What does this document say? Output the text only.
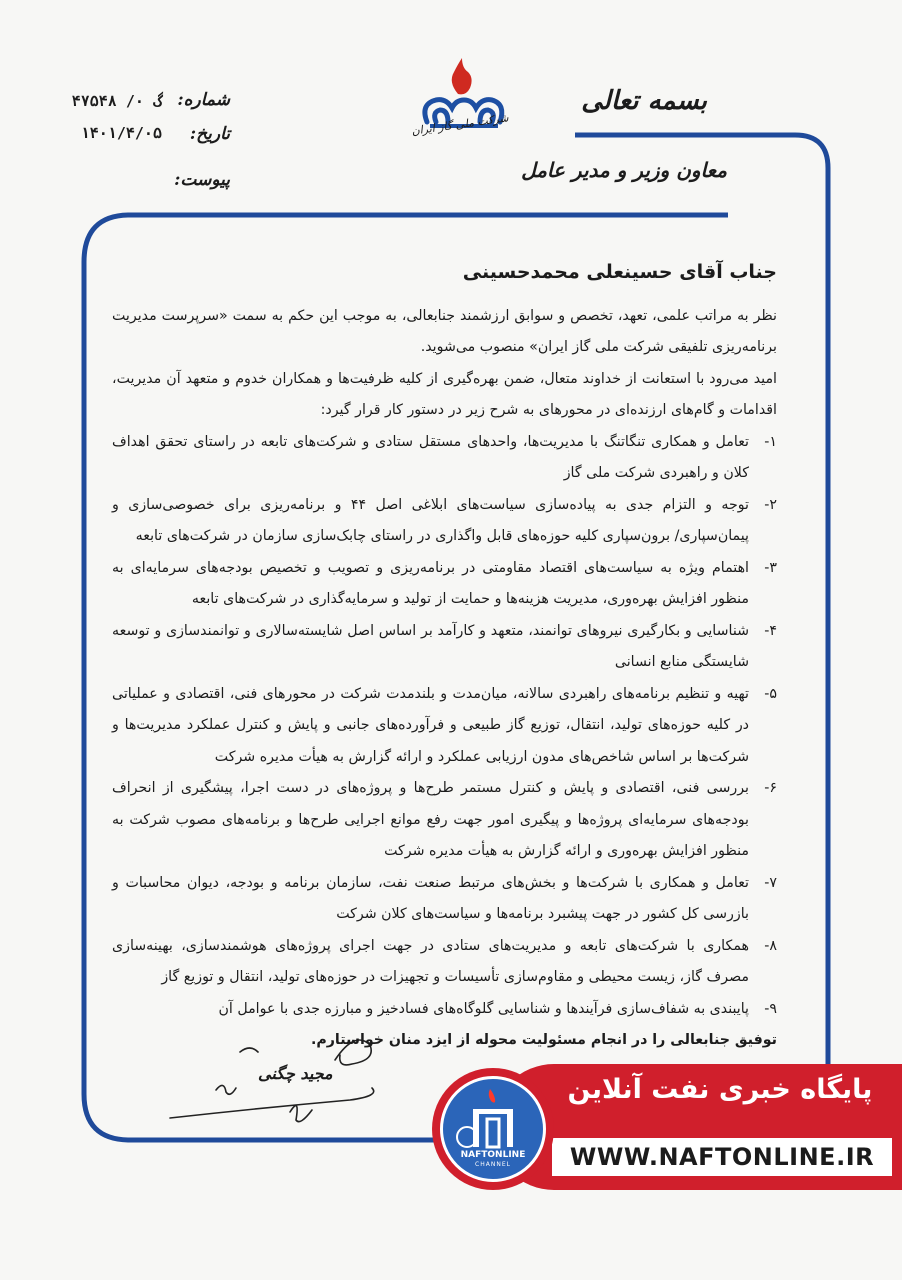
بسمه تعالی
معاون وزیر و مدیر عامل
شرکت ملی گاز ایران
شماره:
گ ۰/ ۴۷۵۴۸
تاریخ:
۱۴۰۱/۴/۰۵
پیوست:
جناب آقای حسینعلی محمدحسینی

نظر به مراتب علمی، تعهد، تخصص و سوابق ارزشمند جنابعالی، به موجب این حکم به سمت «سرپرست مدیریت برنامه‌ریزی تلفیقی شرکت ملی گاز ایران» منصوب می‌شوید.

امید می‌رود با استعانت از خداوند متعال، ضمن بهره‌گیری از کلیه ظرفیت‌ها و همکاران خدوم و متعهد آن مدیریت، اقدامات و گام‌های ارزنده‌ای در محورهای به شرح زیر در دستور کار قرار گیرد:

۱-
تعامل و همکاری تنگاتنگ با مدیریت‌ها، واحدهای مستقل ستادی و شرکت‌های تابعه در راستای تحقق اهداف کلان و راهبردی شرکت ملی گاز
۲-
توجه و التزام جدی به پیاده‌سازی سیاست‌های ابلاغی اصل ۴۴ و برنامه‌ریزی برای خصوصی‌سازی و پیمان‌سپاری/ برون‌سپاری کلیه حوزه‌های قابل واگذاری در راستای چابک‌سازی سازمان در شرکت‌های تابعه
۳-
اهتمام ویژه به سیاست‌های اقتصاد مقاومتی در برنامه‌ریزی و تصویب و تخصیص بودجه‌های سرمایه‌ای به منظور افزایش بهره‌وری، مدیریت هزینه‌ها و حمایت از تولید و سرمایه‌گذاری در شرکت‌های تابعه
۴-
شناسایی و بکارگیری نیروهای توانمند، متعهد و کارآمد بر اساس اصل شایسته‌سالاری و توانمندسازی و توسعه شایستگی منابع انسانی
۵-
تهیه و تنظیم برنامه‌های راهبردی سالانه، میان‌مدت و بلندمدت شرکت در محورهای فنی، اقتصادی و عملیاتی در کلیه حوزه‌های تولید، انتقال، توزیع گاز طبیعی و فرآورده‌های جانبی و پایش و کنترل عملکرد مدیریت‌ها و شرکت‌ها بر اساس شاخص‌های مدون ارزیابی عملکرد و ارائه گزارش به هیأت مدیره شرکت
۶-
بررسی فنی، اقتصادی و پایش و کنترل مستمر طرح‌ها و پروژه‌های در دست اجرا، پیشگیری از انحراف بودجه‌های سرمایه‌ای پروژه‌ها و پیگیری امور جهت رفع موانع اجرایی طرح‌ها و برنامه‌های مصوب شرکت به منظور افزایش بهره‌وری و ارائه گزارش به هیأت مدیره شرکت
۷-
تعامل و همکاری با شرکت‌ها و بخش‌های مرتبط صنعت نفت، سازمان برنامه و بودجه، دیوان محاسبات و بازرسی کل کشور در جهت پیشبرد برنامه‌ها و سیاست‌های کلان شرکت
۸-
همکاری با شرکت‌های تابعه و مدیریت‌های ستادی در جهت اجرای پروژه‌های هوشمندسازی، بهینه‌سازی مصرف گاز، زیست محیطی و مقاوم‌سازی تأسیسات و تجهیزات در حوزه‌های تولید، انتقال و توزیع گاز
۹-
پایبندی به شفاف‌سازی فرآیندها و شناسایی گلوگاه‌های فسادخیز و مبارزه جدی با عوامل آن

توفیق جنابعالی را در انجام مسئولیت محوله از ایزد منان خواستارم.

مجید چگنی
پایگاه خبری نفت آنلاین
WWW.NAFTONLINE.IR
NAFTONLINE
CHANNEL
